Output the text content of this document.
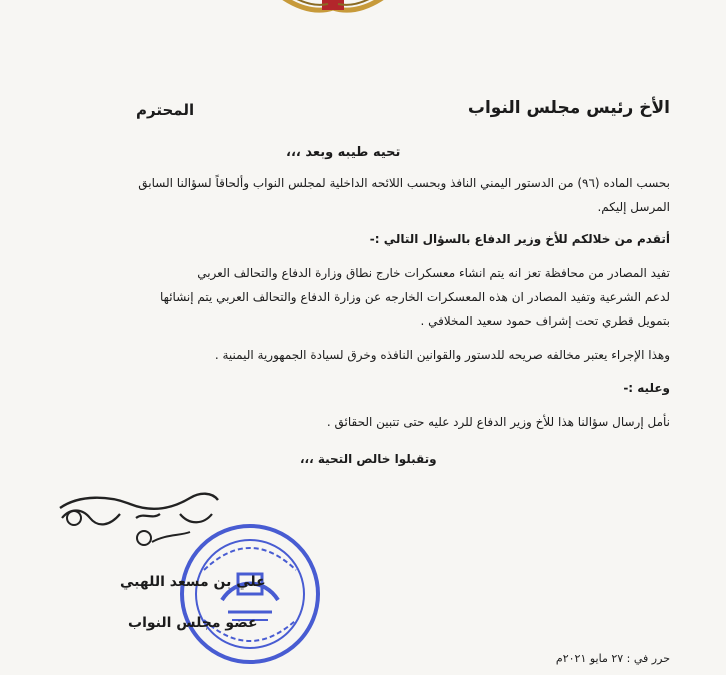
الأخ رئيس مجلس النواب
المحترم
تحيه طيبه وبعد ،،،
بحسب الماده (٩٦) من الدستور اليمني النافذ وبحسب اللائحه الداخلية لمجلس النواب وألحاقاً لسؤالنا السابق
المرسل إليكم.
أتقدم من خلالكم للأخ وزير الدفاع بالسؤال التالي :-
تفيد المصادر من محافظة تعز انه يتم انشاء معسكرات خارج نطاق وزارة الدفاع والتحالف العربي
لدعم الشرعية وتفيد المصادر ان هذه المعسكرات الخارجه عن وزارة الدفاع والتحالف العربي يتم إنشائها
بتمويل قطري تحت إشراف حمود سعيد المخلافي .
وهذا الإجراء يعتبر مخالفه صريحه للدستور والقوانين النافذه وخرق لسيادة الجمهورية اليمنية .
وعليه :-
نأمل إرسال سؤالنا هذا للأخ وزير الدفاع للرد عليه حتى تتبين الحقائق .
وتقبلوا خالص التحية ،،،
علي بن مسعد اللهبي
عضو مجلس النواب
حرر في : ٢٧ مايو ٢٠٢١م
